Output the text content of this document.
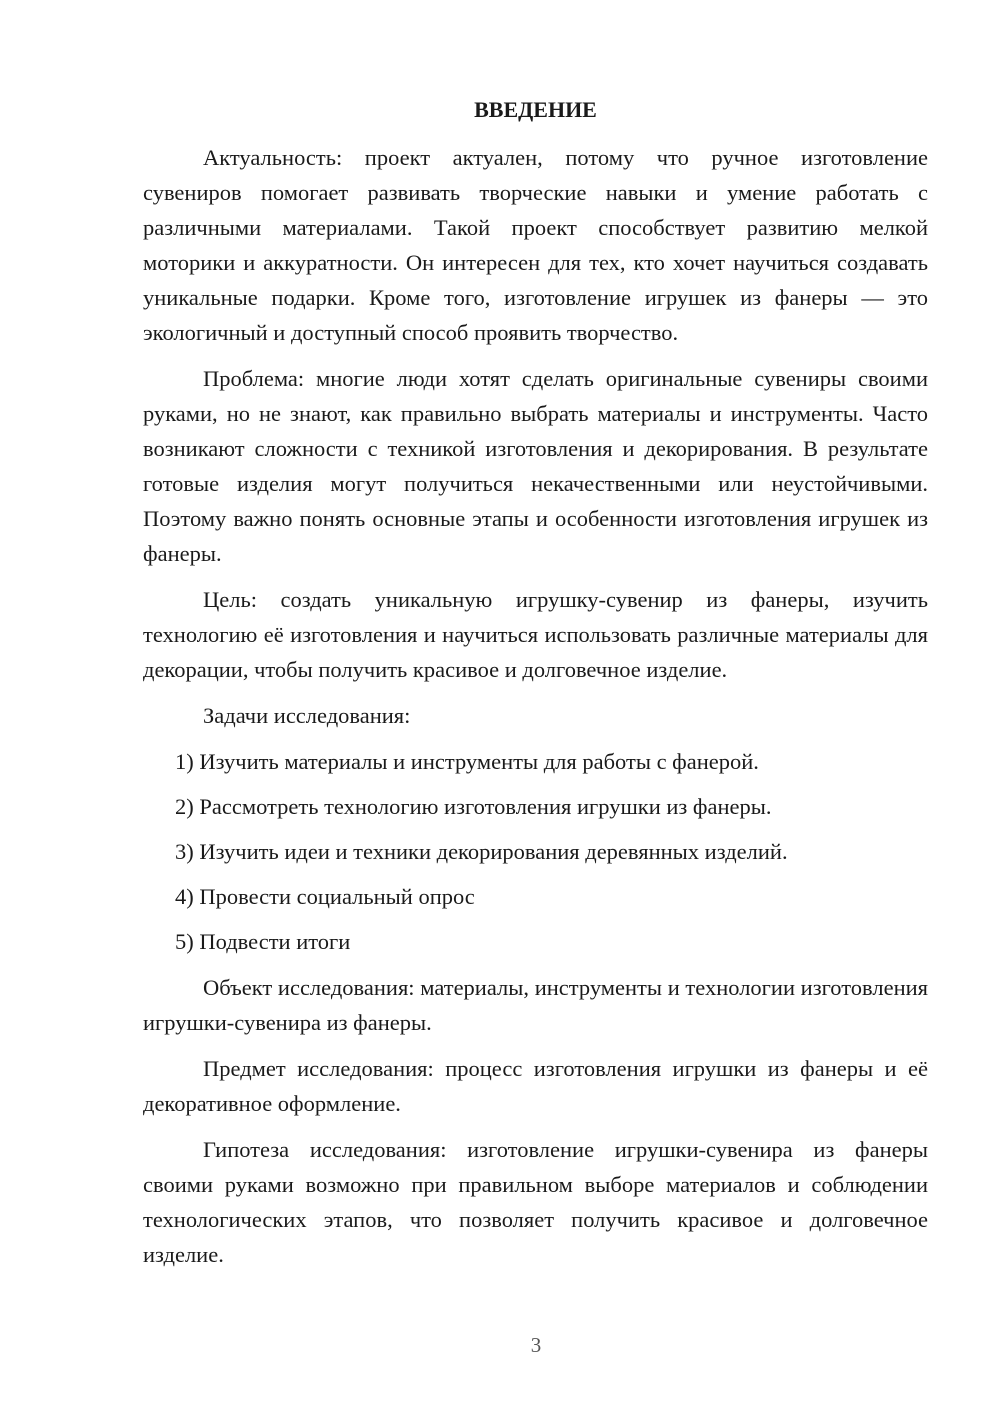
ВВЕДЕНИЕ

Актуальность: проект актуален, потому что ручное изготовление сувениров помогает развивать творческие навыки и умение работать с различными материалами. Такой проект способствует развитию мелкой моторики и аккуратности. Он интересен для тех, кто хочет научиться создавать уникальные подарки. Кроме того, изготовление игрушек из фанеры — это экологичный и доступный способ проявить творчество.

Проблема: многие люди хотят сделать оригинальные сувениры своими руками, но не знают, как правильно выбрать материалы и инструменты. Часто возникают сложности с техникой изготовления и декорирования. В результате готовые изделия могут получиться некачественными или неустойчивыми. Поэтому важно понять основные этапы и особенности изготовления игрушек из фанеры.

Цель: создать уникальную игрушку-сувенир из фанеры, изучить технологию её изготовления и научиться использовать различные материалы для декорации, чтобы получить красивое и долговечное изделие.

Задачи исследования:

1) Изучить материалы и инструменты для работы с фанерой.
2) Рассмотреть технологию изготовления игрушки из фанеры.
3) Изучить идеи и техники декорирования деревянных изделий.
4) Провести социальный опрос
5) Подвести итоги

Объект исследования: материалы, инструменты и технологии изготовления игрушки-сувенира из фанеры.

Предмет исследования: процесс изготовления игрушки из фанеры и её декоративное оформление.

Гипотеза исследования: изготовление игрушки-сувенира из фанеры своими руками возможно при правильном выборе материалов и соблюдении технологических этапов, что позволяет получить красивое и долговечное изделие.

3
